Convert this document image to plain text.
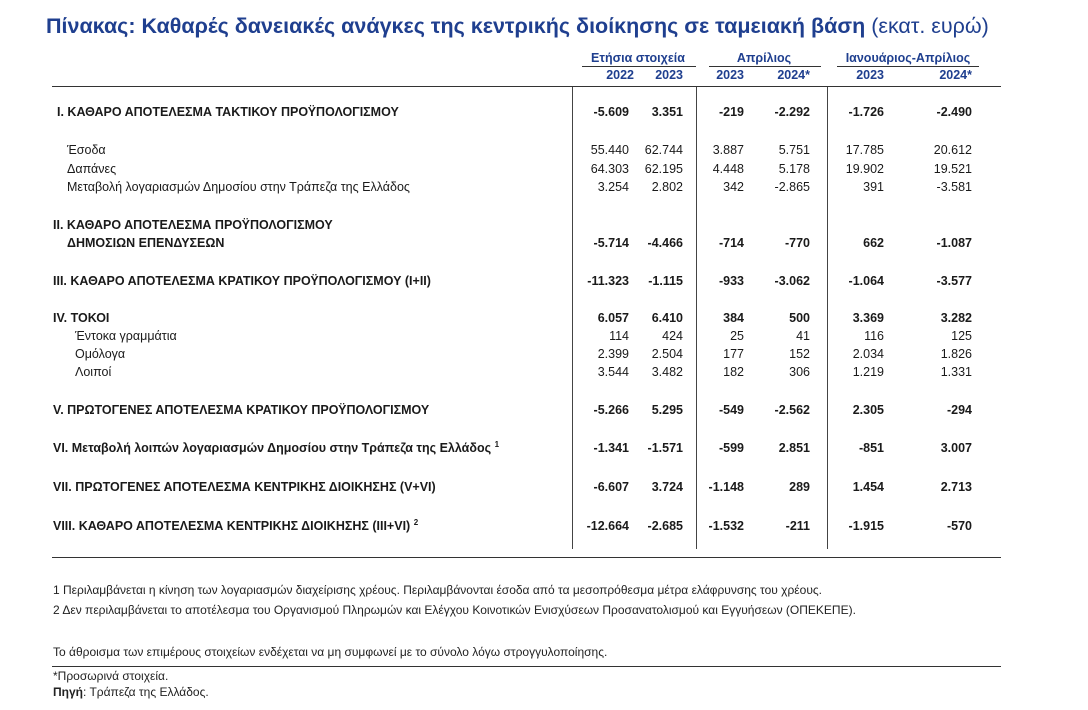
Πίνακας: Καθαρές δανειακές ανάγκες της κεντρικής διοίκησης σε ταμειακή βάση (εκατ. ευρώ)
Ετήσια στοιχεία	Απρίλιος	Ιανουάριος-Απρίλιος
2022	2023	2023	2024*	2023	2024*
I. ΚΑΘΑΡΟ ΑΠΟΤΕΛΕΣΜΑ ΤΑΚΤΙΚΟΥ ΠΡΟΫΠΟΛΟΓΙΣΜΟΥ	-5.609	3.351	-219	-2.292	-1.726	-2.490
Έσοδα	55.440	62.744	3.887	5.751	17.785	20.612
Δαπάνες	64.303	62.195	4.448	5.178	19.902	19.521
Μεταβολή λογαριασμών Δημοσίου στην Τράπεζα της Ελλάδος	3.254	2.802	342	-2.865	391	-3.581
II. ΚΑΘΑΡΟ ΑΠΟΤΕΛΕΣΜΑ ΠΡΟΫΠΟΛΟΓΙΣΜΟΥ
ΔΗΜΟΣΙΩΝ ΕΠΕΝΔΥΣΕΩΝ	-5.714	-4.466	-714	-770	662	-1.087
III. ΚΑΘΑΡΟ ΑΠΟΤΕΛΕΣΜΑ ΚΡΑΤΙΚΟΥ ΠΡΟΫΠΟΛΟΓΙΣΜΟΥ (I+II)	-11.323	-1.115	-933	-3.062	-1.064	-3.577
IV. ΤΟΚΟΙ	6.057	6.410	384	500	3.369	3.282
Έντοκα γραμμάτια	114	424	25	41	116	125
Ομόλογα	2.399	2.504	177	152	2.034	1.826
Λοιποί	3.544	3.482	182	306	1.219	1.331
V. ΠΡΩΤΟΓΕΝΕΣ ΑΠΟΤΕΛΕΣΜΑ ΚΡΑΤΙΚΟΥ ΠΡΟΫΠΟΛΟΓΙΣΜΟΥ	-5.266	5.295	-549	-2.562	2.305	-294
VI. Μεταβολή λοιπών λογαριασμών Δημοσίου στην Τράπεζα της Ελλάδος $^1$	-1.341	-1.571	-599	2.851	-851	3.007
VII. ΠΡΩΤΟΓΕΝΕΣ ΑΠΟΤΕΛΕΣΜΑ ΚΕΝΤΡΙΚΗΣ ΔΙΟΙΚΗΣΗΣ (V+VI)	-6.607	3.724	-1.148	289	1.454	2.713
VIII. ΚΑΘΑΡΟ ΑΠΟΤΕΛΕΣΜΑ ΚΕΝΤΡΙΚΗΣ ΔΙΟΙΚΗΣΗΣ (III+VI) $^2$	-12.664	-2.685	-1.532	-211	-1.915	-570
1 Περιλαμβάνεται η κίνηση των λογαριασμών διαχείρισης χρέους. Περιλαμβάνονται έσοδα από τα μεσοπρόθεσμα μέτρα ελάφρυνσης του χρέους.
2 Δεν περιλαμβάνεται το αποτέλεσμα του Οργανισμού Πληρωμών και Ελέγχου Κοινοτικών Ενισχύσεων Προσανατολισμού και Εγγυήσεων (ΟΠΕΚΕΠΕ).
Το άθροισμα των επιμέρους στοιχείων ενδέχεται να μη συμφωνεί με το σύνολο λόγω στρογγυλοποίησης.
*Προσωρινά στοιχεία.
Πηγή: Τράπεζα της Ελλάδος.
